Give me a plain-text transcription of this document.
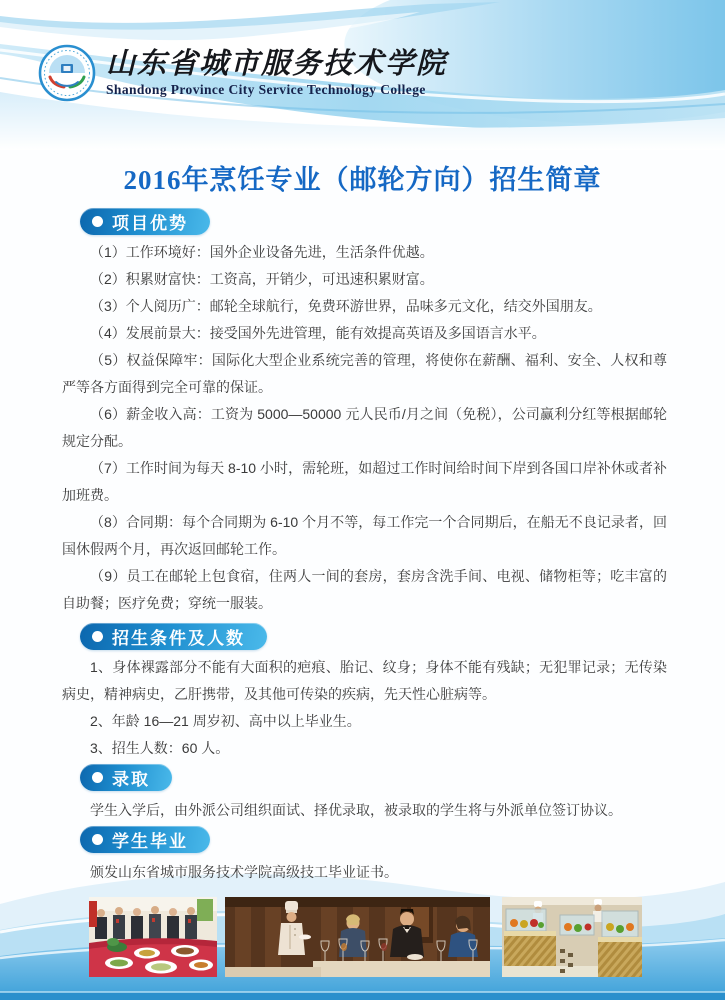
山东省城市服务技术学院
Shandong Province City Service Technology College
2016年烹饪专业（邮轮方向）招生简章
项目优势

（1）工作环境好：国外企业设备先进，生活条件优越。

（2）积累财富快：工资高，开销少，可迅速积累财富。

（3）个人阅历广：邮轮全球航行，免费环游世界，品味多元文化，结交外国朋友。

（4）发展前景大：接受国外先进管理，能有效提高英语及多国语言水平。

（5）权益保障牢：国际化大型企业系统完善的管理，将使你在薪酬、福利、安全、人权和尊严等各方面得到完全可靠的保证。

（6）薪金收入高：工资为 5000—50000 元人民币/月之间（免税），公司赢利分红等根据邮轮规定分配。

（7）工作时间为每天 8-10 小时，需轮班，如超过工作时间给时间下岸到各国口岸补休或者补加班费。

（8）合同期：每个合同期为 6-10 个月不等，每工作完一个合同期后，在船无不良记录者，回国休假两个月，再次返回邮轮工作。

（9）员工在邮轮上包食宿，住两人一间的套房，套房含洗手间、电视、储物柜等；吃丰富的自助餐；医疗免费；穿统一服装。

招生条件及人数

1、身体裸露部分不能有大面积的疤痕、胎记、纹身；身体不能有残缺；无犯罪记录；无传染病史，精神病史，乙肝携带，及其他可传染的疾病，先天性心脏病等。

2、年龄 16—21 周岁初、高中以上毕业生。

3、招生人数：60 人。

录取

学生入学后，由外派公司组织面试、择优录取，被录取的学生将与外派单位签订协议。

学生毕业

颁发山东省城市服务技术学院高级技工毕业证书。
